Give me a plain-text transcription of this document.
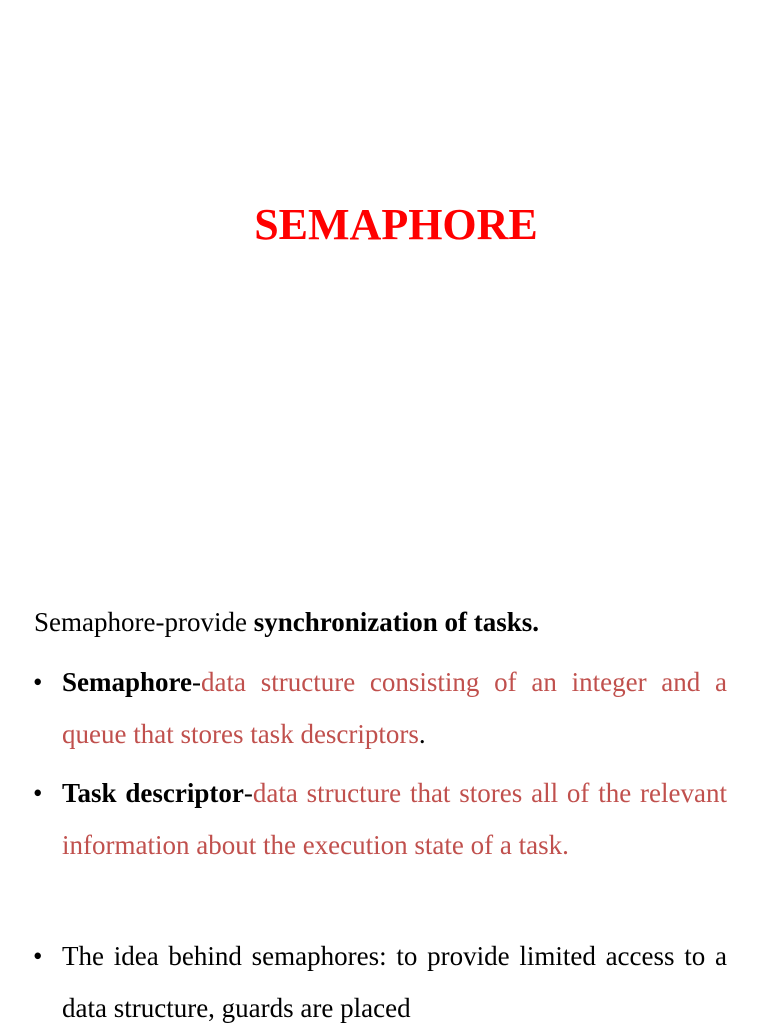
SEMAPHORE

Semaphore-provide synchronization of tasks.

• Semaphore-data structure consisting of an integer and a queue that stores task descriptors.
• Task descriptor-data structure that stores all of the relevant information about the execution state of a task.
• The idea behind semaphores: to provide limited access to a data structure, guards are placed
